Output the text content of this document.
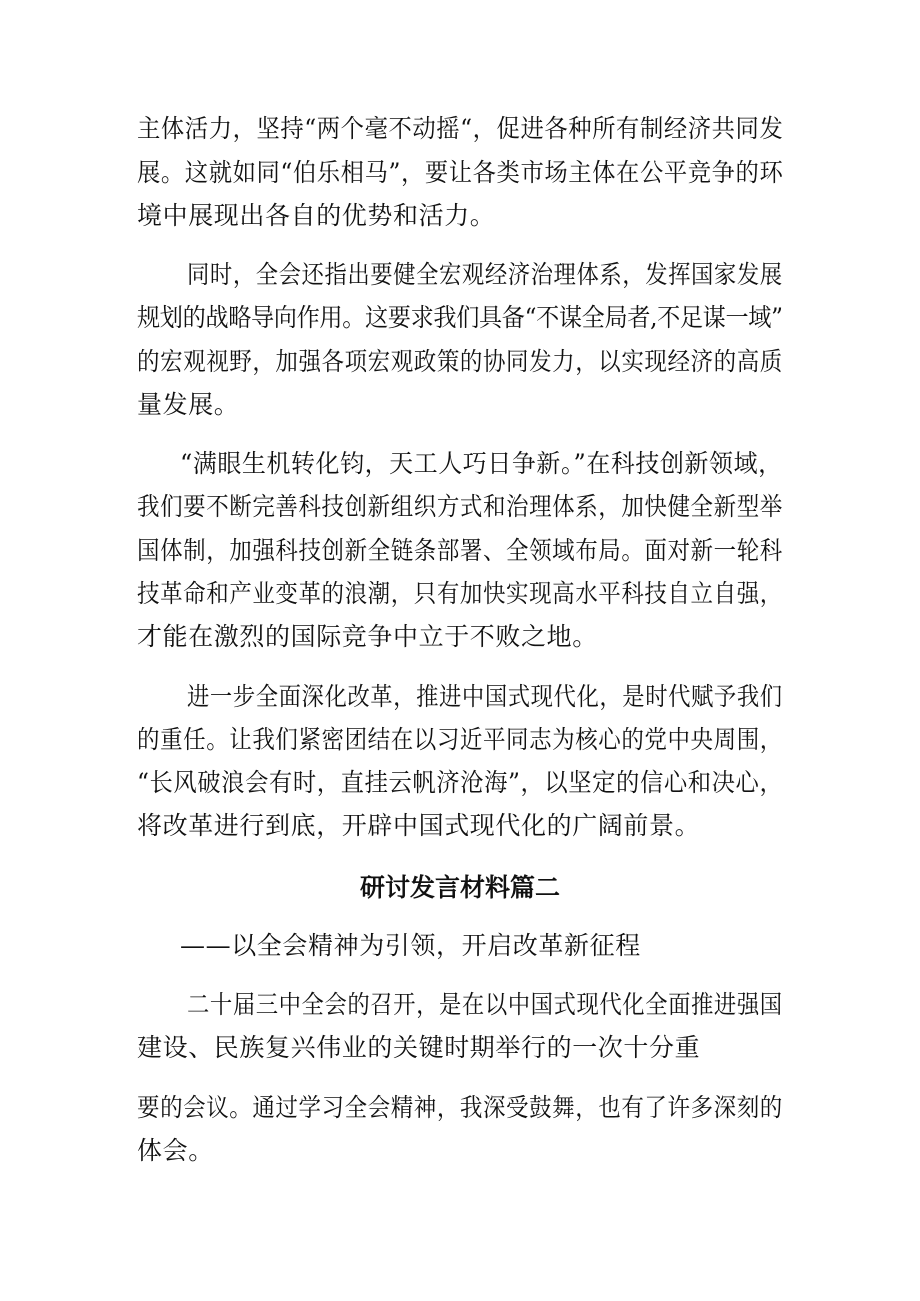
主体活力，坚持“两个毫不动摇“，促进各种所有制经济共同发
展。这就如同“伯乐相马”，要让各类市场主体在公平竞争的环
境中展现出各自的优势和活力。
同时，全会还指出要健全宏观经济治理体系，发挥国家发展
规划的战略导向作用。这要求我们具备“不谋全局者,不足谋一域”
的宏观视野，加强各项宏观政策的协同发力，以实现经济的高质
量发展。
“满眼生机转化钧，天工人巧日争新。”在科技创新领域，
我们要不断完善科技创新组织方式和治理体系，加快健全新型举
国体制，加强科技创新全链条部署、全领域布局。面对新一轮科
技革命和产业变革的浪潮，只有加快实现高水平科技自立自强，
才能在激烈的国际竞争中立于不败之地。
进一步全面深化改革，推进中国式现代化，是时代赋予我们
的重任。让我们紧密团结在以习近平同志为核心的党中央周围，
“长风破浪会有时，直挂云帆济沧海”，以坚定的信心和决心，
将改革进行到底，开辟中国式现代化的广阔前景。
研讨发言材料篇二
——以全会精神为引领，开启改革新征程
二十届三中全会的召开，是在以中国式现代化全面推进强国
建设、民族复兴伟业的关键时期举行的一次十分重
要的会议。通过学习全会精神，我深受鼓舞，也有了许多深刻的
体会。
